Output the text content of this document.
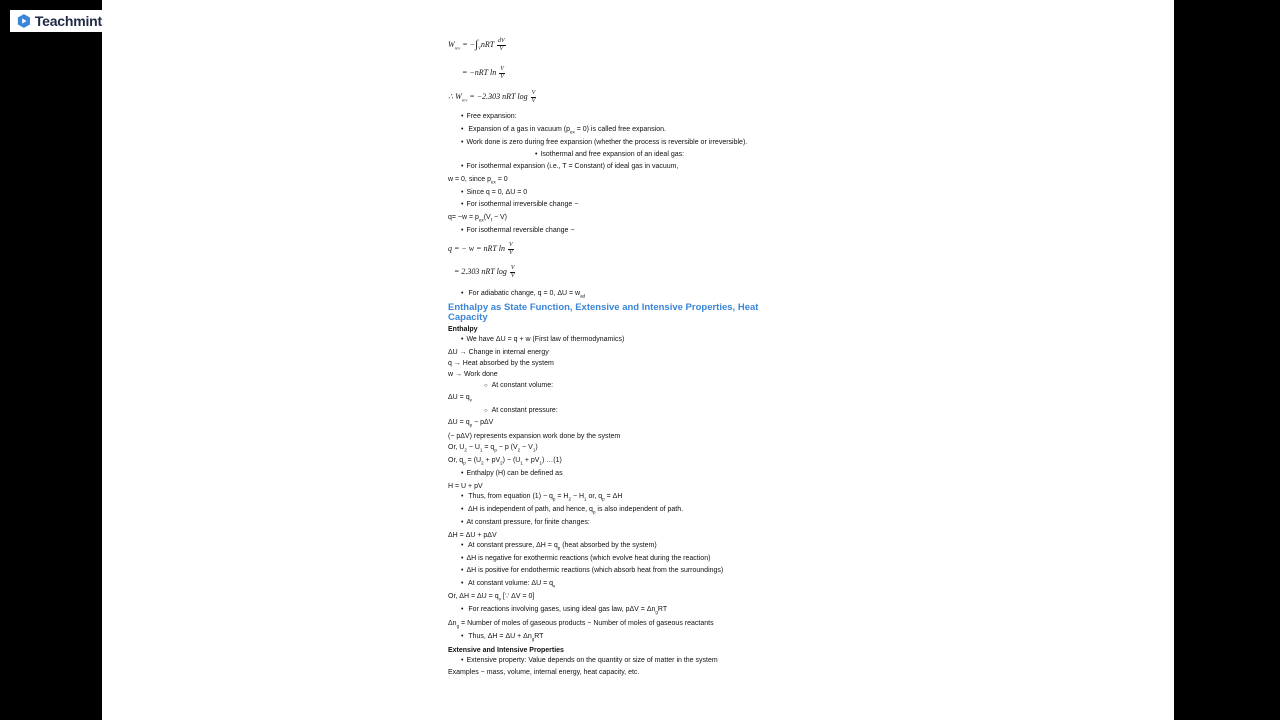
Teachmint
$W_{rev} = -\int_VnRT \frac{dV}{V}$
= −nRT $\ln \frac{V}{V}$
∴ $W_{rev} = -2.303$ nRT $\log \frac{V}{V}$
• Free expansion:
• Expansion of a gas in vacuum $(p_{ex} = 0)$ is called free expansion.
• Work done is zero during free expansion (whether the process is reversible or irreversible).
• Isothermal and free expansion of an ideal gas:
• For isothermal expansion (i.e., T = Constant) of ideal gas in vacuum,
w = 0, since $p_{ex} = 0$
• Since q = 0, ΔU = 0
• For isothermal irreversible change −
$q= -w = p_{ex}(V_f - V)$
• For isothermal reversible change −
q = − w = nRT $\ln \frac{V}{V}$
= 2.303 nRT $\log \frac{V}{V}$
• For adiabatic change, q = 0, $\Delta U = w_{ad}$
Enthalpy as State Function, Extensive and Intensive Properties, Heat Capacity
Enthalpy
• We have ΔU = q + w (First law of thermodynamics)
ΔU → Change in internal energy
q → Heat absorbed by the system
w → Work done
○ At constant volume:
$\Delta U = q_v$
○ At constant pressure:
$\Delta U = q_p - p\Delta V$
(− pΔV) represents expansion work done by the system
Or, $U_2 - U_1 = q_p - p$ $(V_2 - V_1)$
Or, $q_p = (U_2 + pV_2) - (U_1 + pV_1)$ …(1)
• Enthalpy (H) can be defined as
H = U + pV
• Thus, from equation $(1) - q_p = H_2 - H_1$ or, $q_p = \Delta H$
• ΔH is independent of path, and hence, $q_p$ is also independent of path.
• At constant pressure, for finite changes:
ΔH = ΔU + pΔV
• At constant pressure, $\Delta H = q_p$ (heat absorbed by the system)
• ΔH is negative for exothermic reactions (which evolve heat during the reaction)
• ΔH is positive for endothermic reactions (which absorb heat from the surroundings)
• At constant volume: $\Delta U = q_v$
Or, $\Delta H = \Delta U = q_v$ [∵ ΔV = 0]
• For reactions involving gases, using ideal gas law, $p\Delta V = \Delta n_gRT$
$\Delta n_g$ = Number of moles of gaseous products − Number of moles of gaseous reactants
• Thus, $\Delta H = \Delta U + \Delta n_gRT$
Extensive and Intensive Properties
• Extensive property: Value depends on the quantity or size of matter in the system
Examples − mass, volume, internal energy, heat capacity, etc.
